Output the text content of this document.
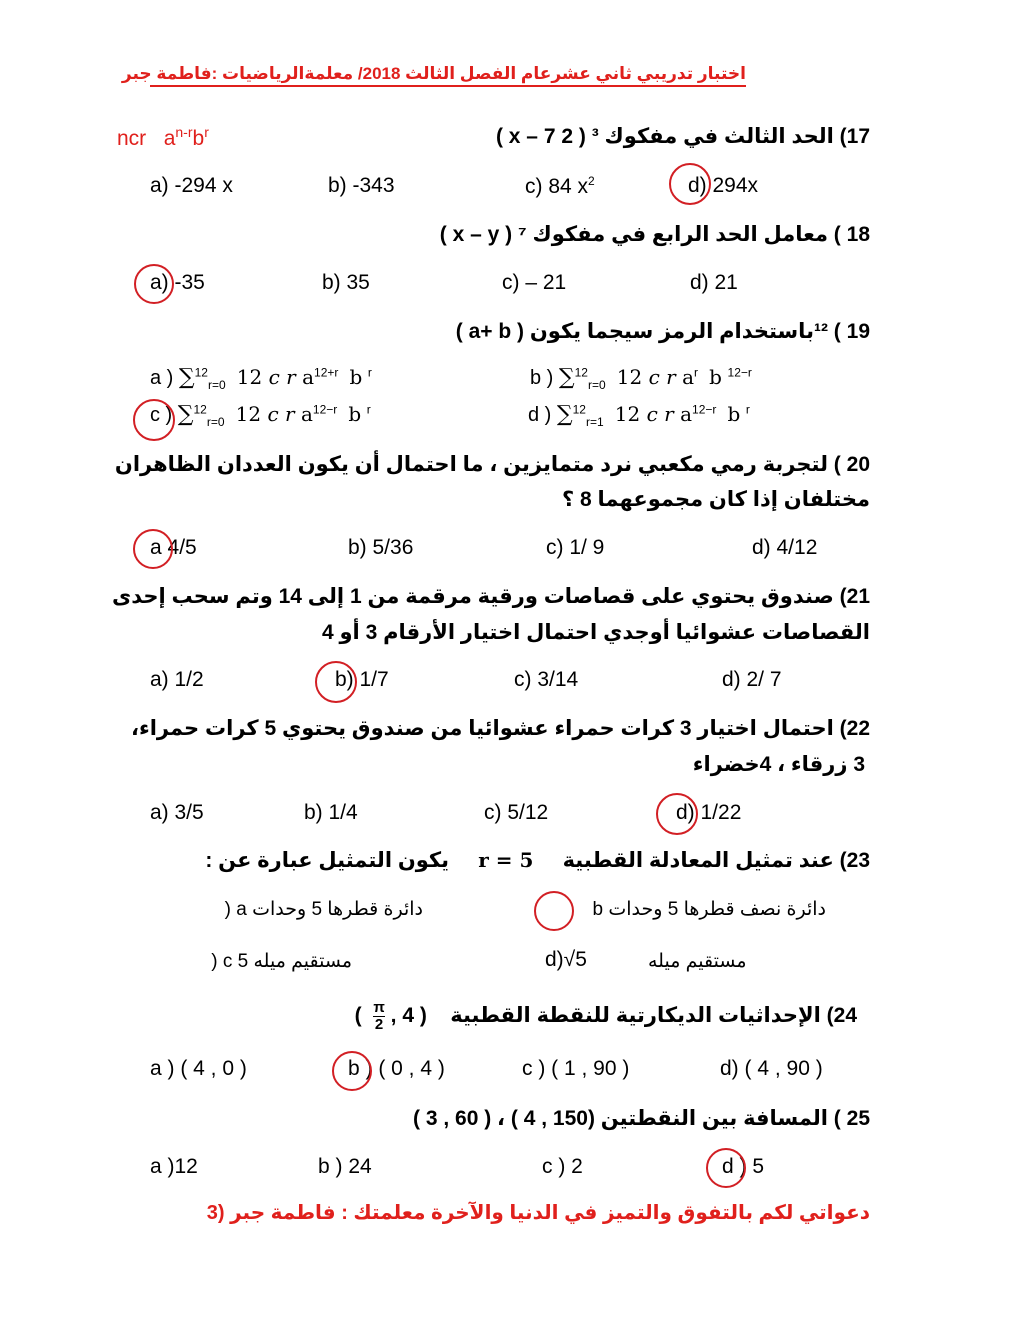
اختبار تدريبي ثاني عشرعام الفصل الثالث 2018/ معلمةالرياضيات :فاطمة جبر
ncr $a^{n-r}b^r$	17) الحد الثالث في مفكوك ³ ( 2 x – 7 )
a) -294 x	b) -343	c) 84 $x^2$	d) 294x
18 ) معامل الحد الرابع في مفكوك ⁷ ( x – y )
a) -35	b) 35	c) – 21	d) 21
19 ) ¹²باستخدام الرمز سيجما يكون ( a+ b )
a ) ∑$^{12}_{r=0}$ 12 𝑐 𝑟 $a^{12+r}$ b $^r$	b ) ∑$^{12}_{r=0}$ 12 𝑐 𝑟 $a^r$ b $^{12-r}$
c ) ∑$^{12}_{r=0}$ 12 𝑐 𝑟 $a^{12-r}$ b $^r$	d ) ∑$^{12}_{r=1}$ 12 𝑐 𝑟 $a^{12-r}$ b $^r$
20 ) لتجربة رمي مكعبي نرد متمايزين ، ما احتمال أن يكون العددان الظاهران
مختلفان إذا كان مجموعهما 8 ؟
a 4/5	b) 5/36	c) 1/ 9	d) 4/12
21) صندوق يحتوي على قصاصات ورقية مرقمة من 1 إلى 14 وتم سحب إحدى
القصاصات عشوائيا أوجدي احتمال اختيار الأرقام 3 أو 4
a) 1/2	b) 1/7	c) 3/14	d) 2/ 7
22) احتمال اختيار 3 كرات حمراء عشوائيا من صندوق يحتوي 5 كرات حمراء،
3 زرقاء ، 4خضراء
a) 3/5	b) 1/4	c) 5/12	d) 1/22
23) عند تمثيل المعادلة القطبية     r = 5     يكون التمثيل عبارة عن :
دائرة قطرها 5 وحدات a (	دائرة نصف قطرها 5 وحدات b
مستقيم ميله 5 c (	d)√5	مستقيم ميله
24) الإحداثيات الديكارتية للنقطة القطبية    ( $\frac{\pi}{2}$ , 4 )
a ) ( 4 , 0 )	b ) ( 0 , 4 )	c ) ( 1 , 90 )	d) ( 4 , 90 )
25 ) المسافة بين النقطتين (150 , 4 ) ، ( 60 , 3 )
a )12	b ) 24	c ) 2	d ) 5
دعواتي لكم بالتفوق والتميز في الدنيا والآخرة معلمتك : فاطمة جبر (3
